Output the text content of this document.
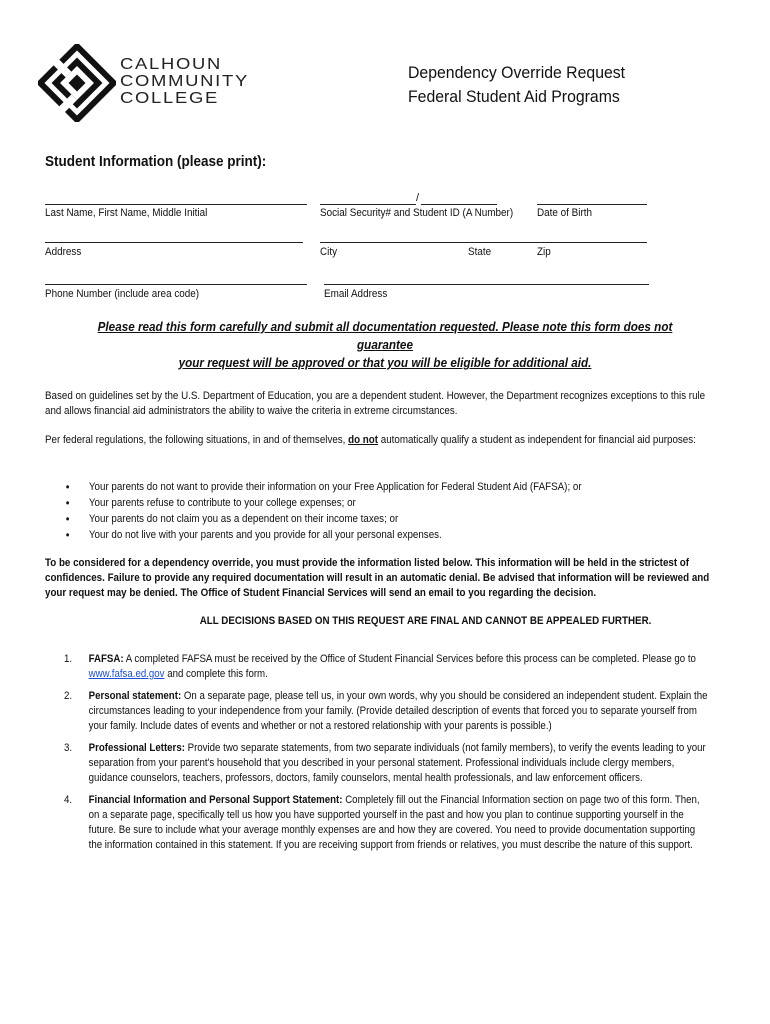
CALHOUN
COMMUNITY
COLLEGE
Dependency Override Request
Federal Student Aid Programs
Student Information (please print):
/
Last Name, First Name, Middle Initial	Social Security# and Student ID (A Number) Date of Birth
Address	City	State	Zip
Phone Number (include area code)	Email Address
Please read this form carefully and submit all documentation requested. Please note this form does not guarantee
your request will be approved or that you will be eligible for additional aid.
Based on guidelines set by the U.S. Department of Education, you are a dependent student. However, the Department recognizes exceptions to this rule and allows financial aid administrators the ability to waive the criteria in extreme circumstances.
Per federal regulations, the following situations, in and of themselves, do not automatically qualify a student as independent for financial aid purposes:
• Your parents do not want to provide their information on your Free Application for Federal Student Aid (FAFSA); or
• Your parents refuse to contribute to your college expenses; or
• Your parents do not claim you as a dependent on their income taxes; or
• Your do not live with your parents and you provide for all your personal expenses.
To be considered for a dependency override, you must provide the information listed below. This information will be held in the strictest of confidences. Failure to provide any required documentation will result in an automatic denial. Be advised that information will be reviewed and your request may be denied. The Office of Student Financial Services will send an email to you regarding the decision.
ALL DECISIONS BASED ON THIS REQUEST ARE FINAL AND CANNOT BE APPEALED FURTHER.
1. FAFSA: A completed FAFSA must be received by the Office of Student Financial Services before this process can be completed. Please go to www.fafsa.ed.gov and complete this form.
2. Personal statement: On a separate page, please tell us, in your own words, why you should be considered an independent student. Explain the circumstances leading to your independence from your family. (Provide detailed description of events that forced you to separate yourself from your family. Include dates of events and whether or not a restored relationship with your parents is possible.)
3. Professional Letters: Provide two separate statements, from two separate individuals (not family members), to verify the events leading to your separation from your parent's household that you described in your personal statement. Professional individuals include clergy members, guidance counselors, teachers, professors, doctors, family counselors, mental health professionals, and law enforcement officers.
4. Financial Information and Personal Support Statement: Completely fill out the Financial Information section on page two of this form. Then, on a separate page, specifically tell us how you have supported yourself in the past and how you plan to continue supporting yourself in the future. Be sure to include what your average monthly expenses are and how they are covered. You need to provide documentation supporting the information contained in this statement. If you are receiving support from friends or relatives, you must describe the nature of this support.
